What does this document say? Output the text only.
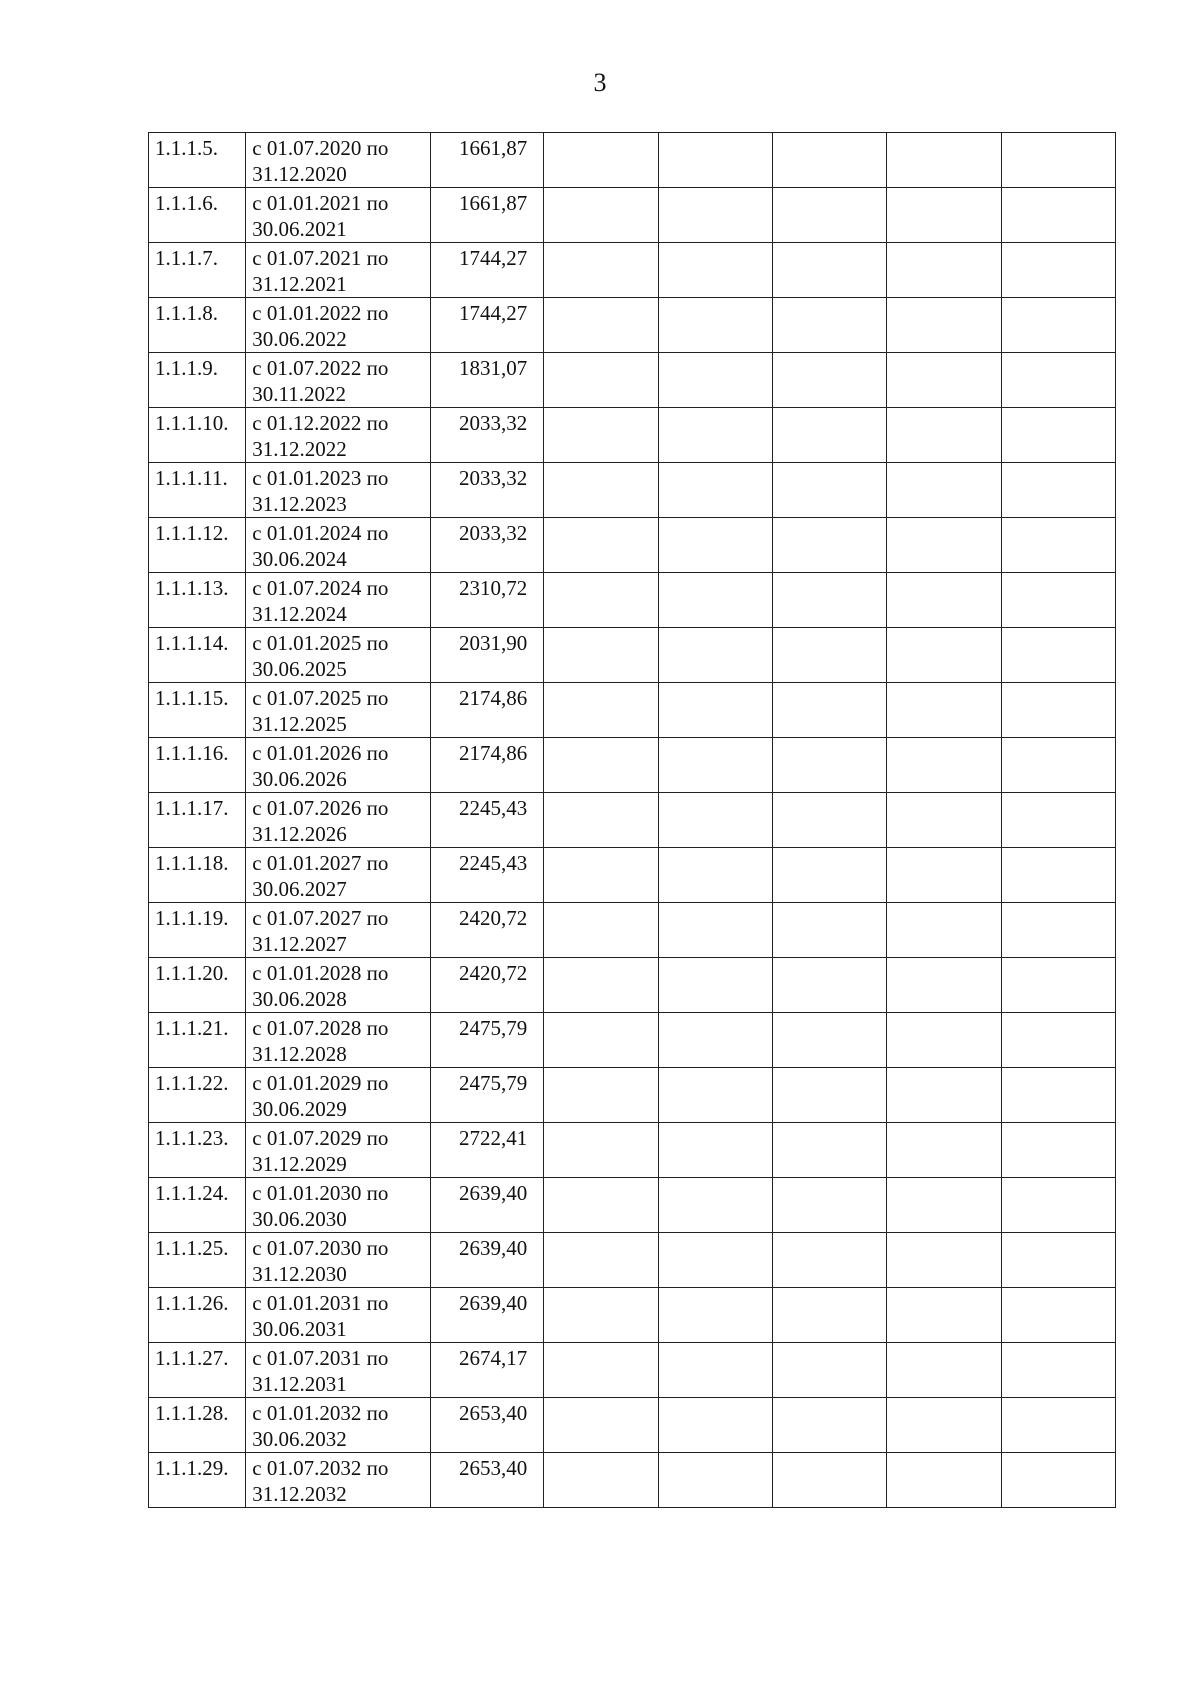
3
1.1.1.5.	с 01.07.2020 по
31.12.2020	1661,87					
1.1.1.6.	с 01.01.2021 по
30.06.2021	1661,87					
1.1.1.7.	с 01.07.2021 по
31.12.2021	1744,27					
1.1.1.8.	с 01.01.2022 по
30.06.2022	1744,27					
1.1.1.9.	с 01.07.2022 по
30.11.2022	1831,07					
1.1.1.10.	с 01.12.2022 по
31.12.2022	2033,32					
1.1.1.11.	с 01.01.2023 по
31.12.2023	2033,32					
1.1.1.12.	с 01.01.2024 по
30.06.2024	2033,32					
1.1.1.13.	с 01.07.2024 по
31.12.2024	2310,72					
1.1.1.14.	с 01.01.2025 по
30.06.2025	2031,90					
1.1.1.15.	с 01.07.2025 по
31.12.2025	2174,86					
1.1.1.16.	с 01.01.2026 по
30.06.2026	2174,86					
1.1.1.17.	с 01.07.2026 по
31.12.2026	2245,43					
1.1.1.18.	с 01.01.2027 по
30.06.2027	2245,43					
1.1.1.19.	с 01.07.2027 по
31.12.2027	2420,72					
1.1.1.20.	с 01.01.2028 по
30.06.2028	2420,72					
1.1.1.21.	с 01.07.2028 по
31.12.2028	2475,79					
1.1.1.22.	с 01.01.2029 по
30.06.2029	2475,79					
1.1.1.23.	с 01.07.2029 по
31.12.2029	2722,41					
1.1.1.24.	с 01.01.2030 по
30.06.2030	2639,40					
1.1.1.25.	с 01.07.2030 по
31.12.2030	2639,40					
1.1.1.26.	с 01.01.2031 по
30.06.2031	2639,40					
1.1.1.27.	с 01.07.2031 по
31.12.2031	2674,17					
1.1.1.28.	с 01.01.2032 по
30.06.2032	2653,40					
1.1.1.29.	с 01.07.2032 по
31.12.2032	2653,40					
